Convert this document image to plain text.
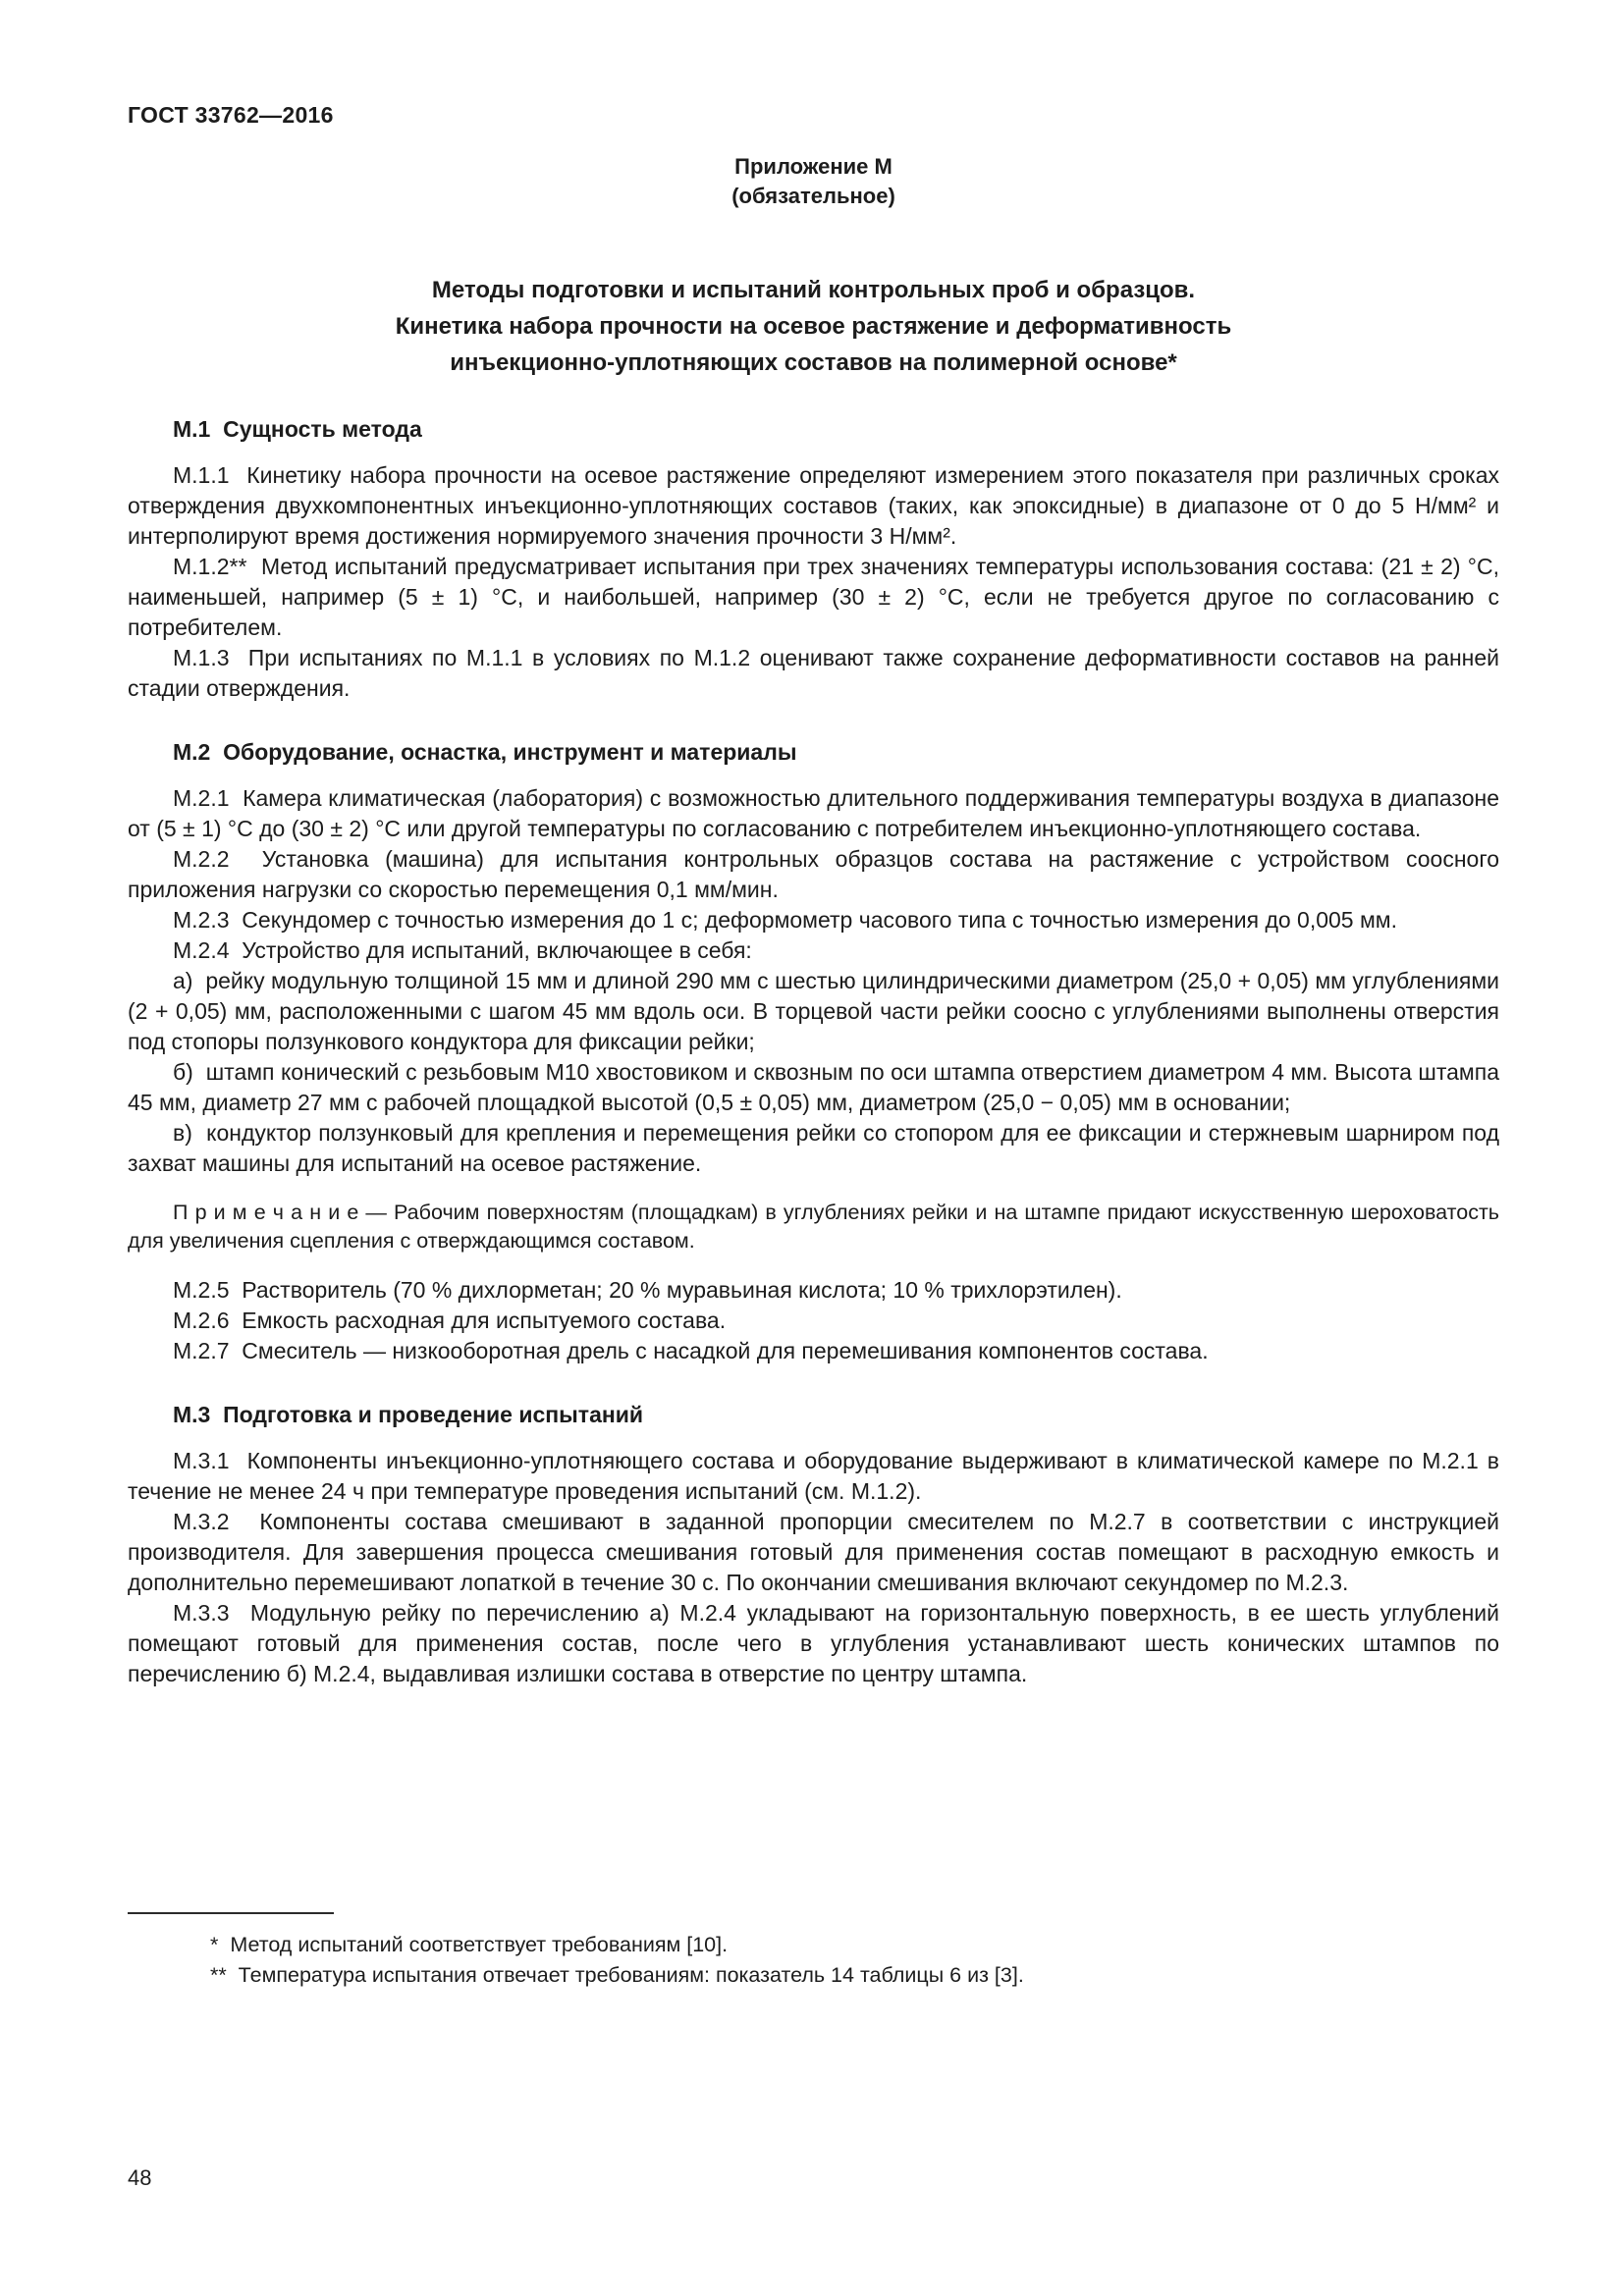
ГОСТ 33762—2016
Приложение М
(обязательное)
Методы подготовки и испытаний контрольных проб и образцов.
Кинетика набора прочности на осевое растяжение и деформативность
инъекционно-уплотняющих составов на полимерной основе*
М.1  Сущность метода

М.1.1  Кинетику набора прочности на осевое растяжение определяют измерением этого показателя при различных сроках отверждения двухкомпонентных инъекционно-уплотняющих составов (таких, как эпоксидные) в диапазоне от 0 до 5 Н/мм² и интерполируют время достижения нормируемого значения прочности 3 Н/мм².

М.1.2**  Метод испытаний предусматривает испытания при трех значениях температуры использования состава: (21 ± 2) °С, наименьшей, например (5 ± 1) °С, и наибольшей, например (30 ± 2) °С, если не требуется другое по согласованию с потребителем.

М.1.3  При испытаниях по М.1.1 в условиях по М.1.2 оценивают также сохранение деформативности составов на ранней стадии отверждения.

М.2  Оборудование, оснастка, инструмент и материалы

М.2.1  Камера климатическая (лаборатория) с возможностью длительного поддерживания температуры воздуха в диапазоне от (5 ± 1) °С до (30 ± 2) °С или другой температуры по согласованию с потребителем инъекционно-уплотняющего состава.

М.2.2  Установка (машина) для испытания контрольных образцов состава на растяжение с устройством соосного приложения нагрузки со скоростью перемещения 0,1 мм/мин.

М.2.3  Секундомер с точностью измерения до 1 с; деформометр часового типа с точностью измерения до 0,005 мм.

М.2.4  Устройство для испытаний, включающее в себя:

а)  рейку модульную толщиной 15 мм и длиной 290 мм с шестью цилиндрическими диаметром (25,0 + 0,05) мм углублениями (2 + 0,05) мм, расположенными с шагом 45 мм вдоль оси. В торцевой части рейки соосно с углублениями выполнены отверстия под стопоры ползункового кондуктора для фиксации рейки;

б)  штамп конический с резьбовым М10 хвостовиком и сквозным по оси штампа отверстием диаметром 4 мм. Высота штампа 45 мм, диаметр 27 мм с рабочей площадкой высотой (0,5 ± 0,05) мм, диаметром (25,0 − 0,05) мм в основании;

в)  кондуктор ползунковый для крепления и перемещения рейки со стопором для ее фиксации и стержневым шарниром под захват машины для испытаний на осевое растяжение.

П р и м е ч а н и е — Рабочим поверхностям (площадкам) в углублениях рейки и на штампе придают искусственную шероховатость для увеличения сцепления с отверждающимся составом.

М.2.5  Растворитель (70 % дихлорметан; 20 % муравьиная кислота; 10 % трихлорэтилен).

М.2.6  Емкость расходная для испытуемого состава.

М.2.7  Смеситель — низкооборотная дрель с насадкой для перемешивания компонентов состава.

М.3  Подготовка и проведение испытаний

М.3.1  Компоненты инъекционно-уплотняющего состава и оборудование выдерживают в климатической камере по М.2.1 в течение не менее 24 ч при температуре проведения испытаний (см. М.1.2).

М.3.2  Компоненты состава смешивают в заданной пропорции смесителем по М.2.7 в соответствии с инструкцией производителя. Для завершения процесса смешивания готовый для применения состав помещают в расходную емкость и дополнительно перемешивают лопаткой в течение 30 с. По окончании смешивания включают секундомер по М.2.3.

М.3.3  Модульную рейку по перечислению а) М.2.4 укладывают на горизонтальную поверхность, в ее шесть углублений помещают готовый для применения состав, после чего в углубления устанавливают шесть конических штампов по перечислению б) М.2.4, выдавливая излишки состава в отверстие по центру штампа.

*  Метод испытаний соответствует требованиям [10].

**  Температура испытания отвечает требованиям: показатель 14 таблицы 6 из [3].

48
